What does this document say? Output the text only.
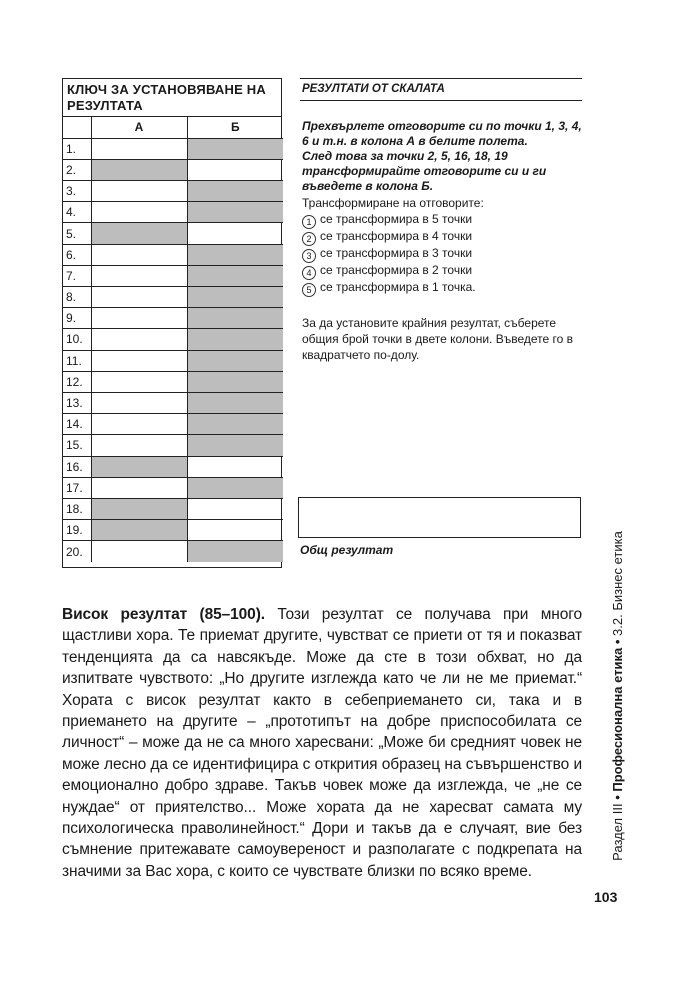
КЛЮЧ ЗА УСТАНОВЯВАНЕ НА РЕЗУЛТАТА
	А	Б
1.		
2.		
3.		
4.		
5.		
6.		
7.		
8.		
9.		
10.		
11.		
12.		
13.		
14.		
15.		
16.		
17.		
18.		
19.		
20.		
РЕЗУЛТАТИ ОТ СКАЛАТА

Прехвърлете отговорите си по точки 1, 3, 4, 6 и т.н. в колона А в белите полета.

След това за точки 2, 5, 16, 18, 19 трансформирайте отговорите си и ги въведете в колона Б.

Трансформиране на отговорите:
1 се трансформира в 5 точки
2 се трансформира в 4 точки
3 се трансформира в 3 точки
4 се трансформира в 2 точки
5 се трансформира в 1 точка.
За да установите крайния резултат, съберете общия брой точки в двете колони. Въведете го в квадратчето по-долу.
Общ резултат
Висок резултат (85–100). Този резултат се получава при много щастливи хора. Те приемат другите, чувстват се приети от тя и показват тенденцията да са навсякъде. Може да сте в този обхват, но да изпитвате чувството: „Но другите изглежда като че ли не ме приемат.“ Хората с висок резултат както в себеприемането си, така и в приемането на другите – „прототипът на добре приспособилата се личност“ – може да не са много харесвани: „Може би средният човек не може лесно да се идентифицира с открития образец на съвършенство и емоционално добро здраве. Такъв човек може да изглежда, че „не се нуждае“ от приятелство... Може хората да не харесват самата му психологическа праволинейност.“ Дори и такъв да е случаят, вие без съмнение притежавате самоувереност и разполагате с подкрепата на значими за Вас хора, с които се чувствате близки по всяко време.
Раздел III • Професионална етика • 3.2. Бизнес етика
103
